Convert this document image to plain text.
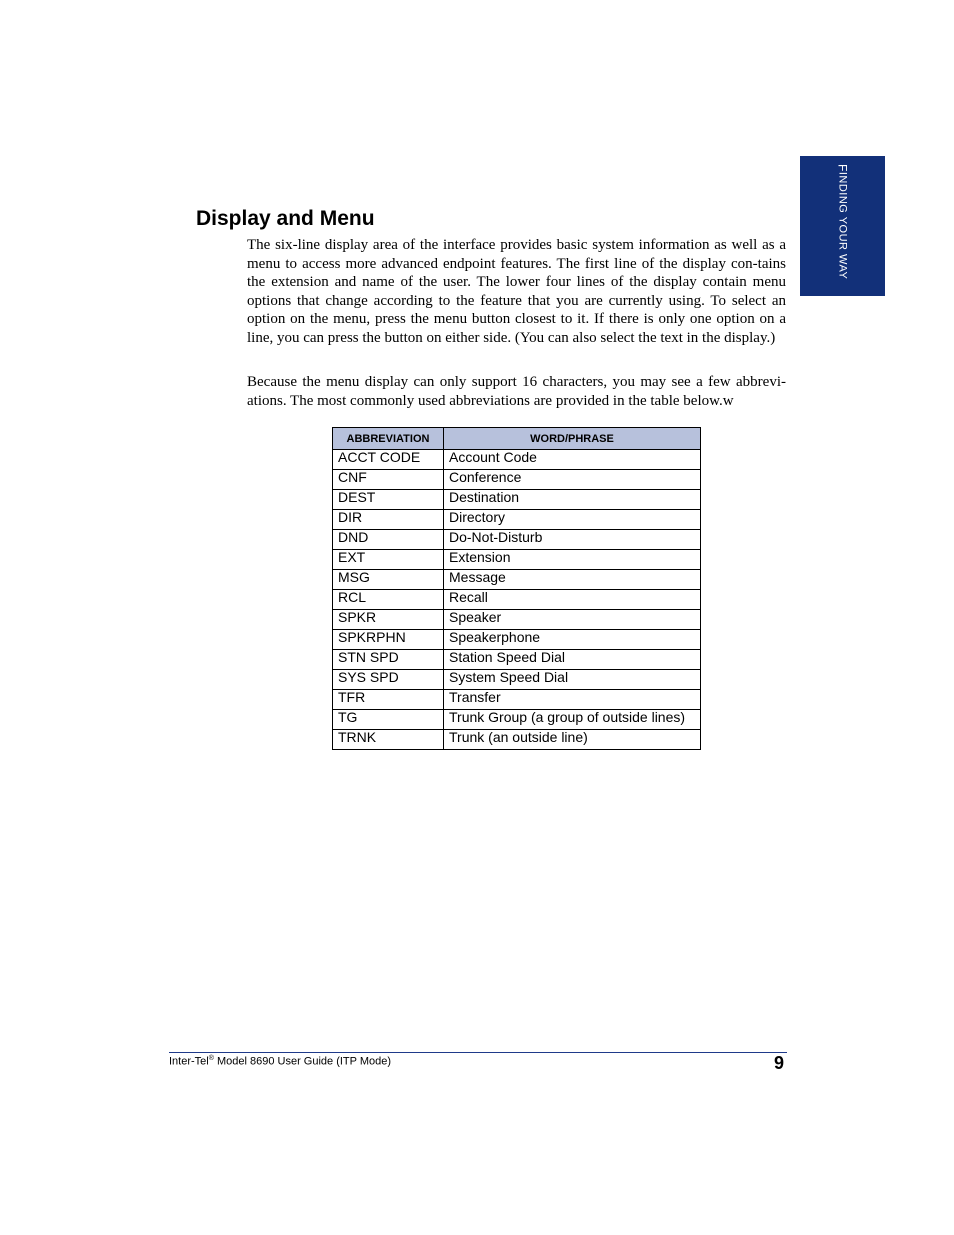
FINDING YOUR WAY
Display and Menu

The six-line display area of the interface provides basic system information as well as a menu to access more advanced endpoint features. The first line of the display con-tains the extension and name of the user. The lower four lines of the display contain menu options that change according to the feature that you are currently using. To select an option on the menu, press the menu button closest to it. If there is only one option on a line, you can press the button on either side. (You can also select the text in the display.)

Because the menu display can only support 16 characters, you may see a few abbrevi-ations. The most commonly used abbreviations are provided in the table below.w

ABBREVIATION	WORD/PHRASE
ACCT CODE	Account Code
CNF	Conference
DEST	Destination
DIR	Directory
DND	Do-Not-Disturb
EXT	Extension
MSG	Message
RCL	Recall
SPKR	Speaker
SPKRPHN	Speakerphone
STN SPD	Station Speed Dial
SYS SPD	System Speed Dial
TFR	Transfer
TG	Trunk Group (a group of outside lines)
TRNK	Trunk (an outside line)
Inter-Tel® Model 8690 User Guide (ITP Mode)	9
